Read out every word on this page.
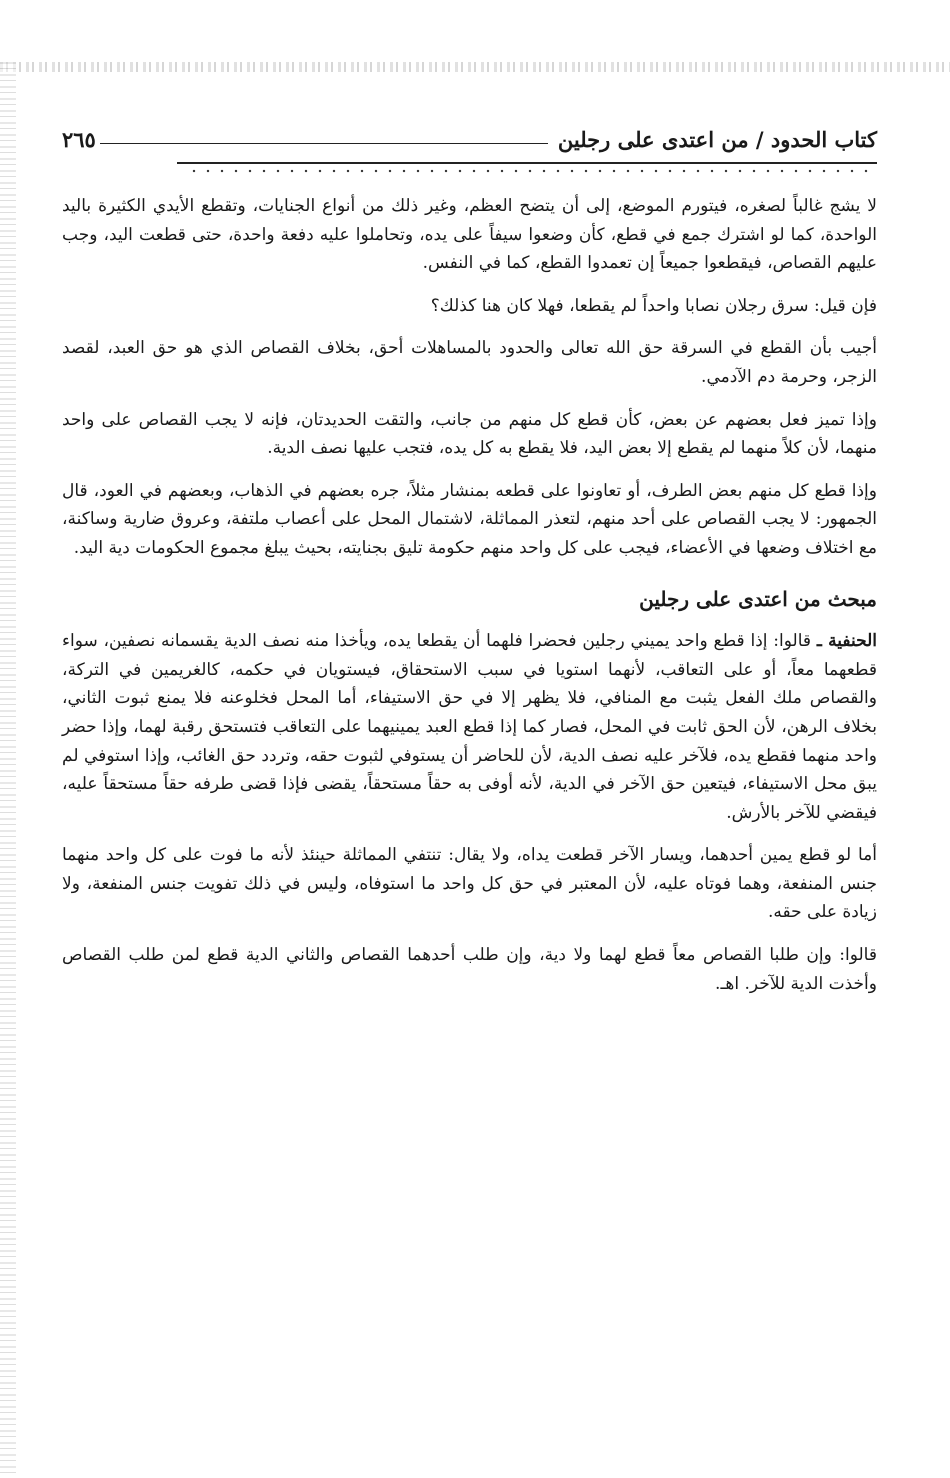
كتاب الحدود / من اعتدى على رجلين
٢٦٥

لا يشج غالباً لصغره، فيتورم الموضع، إلى أن يتضح العظم، وغير ذلك من أنواع الجنايات، وتقطع الأيدي الكثيرة باليد الواحدة، كما لو اشترك جمع في قطع، كأن وضعوا سيفاً على يده، وتحاملوا عليه دفعة واحدة، حتى قطعت اليد، وجب عليهم القصاص، فيقطعوا جميعاً إن تعمدوا القطع، كما في النفس.

فإن قيل: سرق رجلان نصابا واحداً لم يقطعا، فهلا كان هنا كذلك؟

أجيب بأن القطع في السرقة حق الله تعالى والحدود بالمساهلات أحق، بخلاف القصاص الذي هو حق العبد، لقصد الزجر، وحرمة دم الآدمي.

وإذا تميز فعل بعضهم عن بعض، كأن قطع كل منهم من جانب، والتقت الحديدتان، فإنه لا يجب القصاص على واحد منهما، لأن كلاً منهما لم يقطع إلا بعض اليد، فلا يقطع به كل يده، فتجب عليها نصف الدية.

وإذا قطع كل منهم بعض الطرف، أو تعاونوا على قطعه بمنشار مثلاً، جره بعضهم في الذهاب، وبعضهم في العود، قال الجمهور: لا يجب القصاص على أحد منهم، لتعذر المماثلة، لاشتمال المحل على أعصاب ملتفة، وعروق ضارية وساكنة، مع اختلاف وضعها في الأعضاء، فيجب على كل واحد منهم حكومة تليق بجنايته، بحيث يبلغ مجموع الحكومات دية اليد.

مبحث من اعتدى على رجلين

الحنفية ـ قالوا: إذا قطع واحد يميني رجلين فحضرا فلهما أن يقطعا يده، ويأخذا منه نصف الدية يقسمانه نصفين، سواء قطعهما معاً، أو على التعاقب، لأنهما استويا في سبب الاستحقاق، فيستويان في حكمه، كالغريمين في التركة، والقصاص ملك الفعل يثبت مع المنافي، فلا يظهر إلا في حق الاستيفاء، أما المحل فخلوعنه فلا يمنع ثبوت الثاني، بخلاف الرهن، لأن الحق ثابت في المحل، فصار كما إذا قطع العبد يمينيهما على التعاقب فتستحق رقبة لهما، وإذا حضر واحد منهما فقطع يده، فلآخر عليه نصف الدية، لأن للحاضر أن يستوفي لثبوت حقه، وتردد حق الغائب، وإذا استوفي لم يبق محل الاستيفاء، فيتعين حق الآخر في الدية، لأنه أوفى به حقاً مستحقاً، يقضى فإذا قضى طرفه حقاً مستحقاً عليه، فيقضي للآخر بالأرش.

أما لو قطع يمين أحدهما، ويسار الآخر قطعت يداه، ولا يقال: تنتفي المماثلة حينئذ لأنه ما فوت على كل واحد منهما جنس المنفعة، وهما فوتاه عليه، لأن المعتبر في حق كل واحد ما استوفاه، وليس في ذلك تفويت جنس المنفعة، ولا زيادة على حقه.

قالوا: وإن طلبا القصاص معاً قطع لهما ولا دية، وإن طلب أحدهما القصاص والثاني الدية قطع لمن طلب القصاص وأخذت الدية للآخر. اهـ.
